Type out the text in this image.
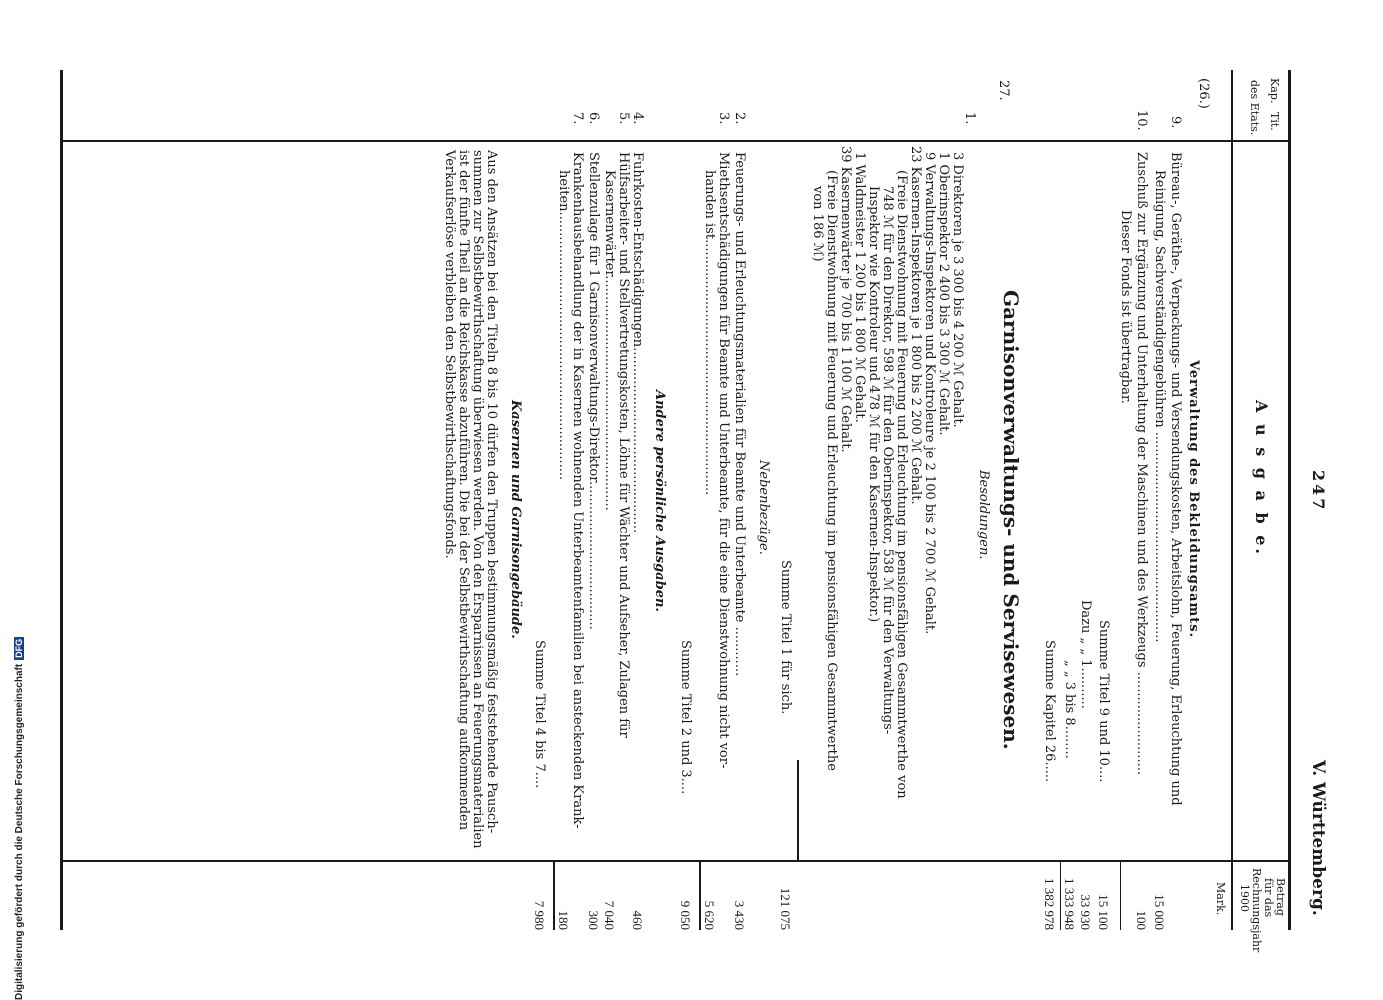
247
V. Württemberg.
Kap.
Tit.
des Etats.
A u s g a b e.
Betrag
für das
Rechnungsjahr
1900
Mark.
(26.)
Verwaltung des Bekleidungsamts.
9.
Büreau-, Geräthe-, Verpackungs- und Versendungskosten, Arbeitslohn, Feuerung, Erleuchtung und
Reinigung, Sachverständigengebühren ...................................................
15 000
10.
Zuschuß zur Ergänzung und Unterhaltung der Maschinen und des Werkzeugs .........................
Dieser Fonds ist übertragbar.
100
Summe Titel 9 und 10....
15 100
Dazu „ „ 1..........
33 930
„ „ 3 bis 8........
1 333 948
Summe Kapitel 26.....
1 382 978
27.
Garnisonverwaltungs- und Servisewesen.
Besoldungen.
1.
3 Direktoren je 3 300 bis 4 200 ℳ Gehalt.
1 Oberinspektor 2 400 bis 3 300 ℳ Gehalt.
9 Verwaltungs-Inspektoren und Kontroleure je 2 100 bis 2 700 ℳ Gehalt.
23 Kasernen-Inspektoren je 1 800 bis 2 200 ℳ Gehalt.
(Freie Dienstwohnung mit Feuerung und Erleuchtung im pensionsfähigen Gesammtwerthe von
748 ℳ für den Direktor, 598 ℳ für den Oberinspektor, 538 ℳ für den Verwaltungs-
Inspektor wie Kontroleur und 478 ℳ für den Kasernen-Inspektor.)
1 Waldmeister 1 200 bis 1 800 ℳ Gehalt.
39 Kasernenwärter je 700 bis 1 100 ℳ Gehalt.
(Freie Dienstwohnung mit Feuerung und Erleuchtung im pensionsfähigen Gesammtwerthe
von 186 ℳ)
Summe Titel 1 für sich.
121 075
Nebenbezüge.
2.
Feuerungs- und Erleuchtungsmaterialien für Beamte und Unterbeamte ............
3 430
3.
Miethsentschädigungen für Beamte und Unterbeamte, für die eine Dienstwohnung nicht vor-
handen ist..............................................................
5 620
Summe Titel 2 und 3....
9 050
Andere persönliche Ausgaben.
4.
Fuhrkosten-Entschädigungen.............................................
460
5.
Hülfsarbeiter- und Stellvertretungskosten, Löhne für Wächter und Aufseher, Zulagen für
Kasernenwärter.........................................................
7 040
6.
Stellenzulage für 1 Garnisonverwaltungs-Direktor....................................
300
7.
Krankenhausbehandlung der in Kasernen wohnenden Unterbeamtenfamilien bei ansteckenden Krank-
heiten.................................................................
180
Summe Titel 4 bis 7....
7 980
Kasernen und Garnisongebäude.
Aus den Ansätzen bei den Titeln 8 bis 10 dürfen den Truppen bestimmungsmäßig feststehende Pausch-
summen zur Selbstbewirthschaftung überwiesen werden. Von den Ersparnissen an Feuerungsmaterialien
ist der fünfte Theil an die Reichskasse abzuführen. Die bei der Selbstbewirthschaftung aufkommenden
Verkaufserlöse verbleiben den Selbstbewirthschaftungsfonds.
Digitalisierung gefördert durch die Deutsche ForschungsgemeinschaftDFG
